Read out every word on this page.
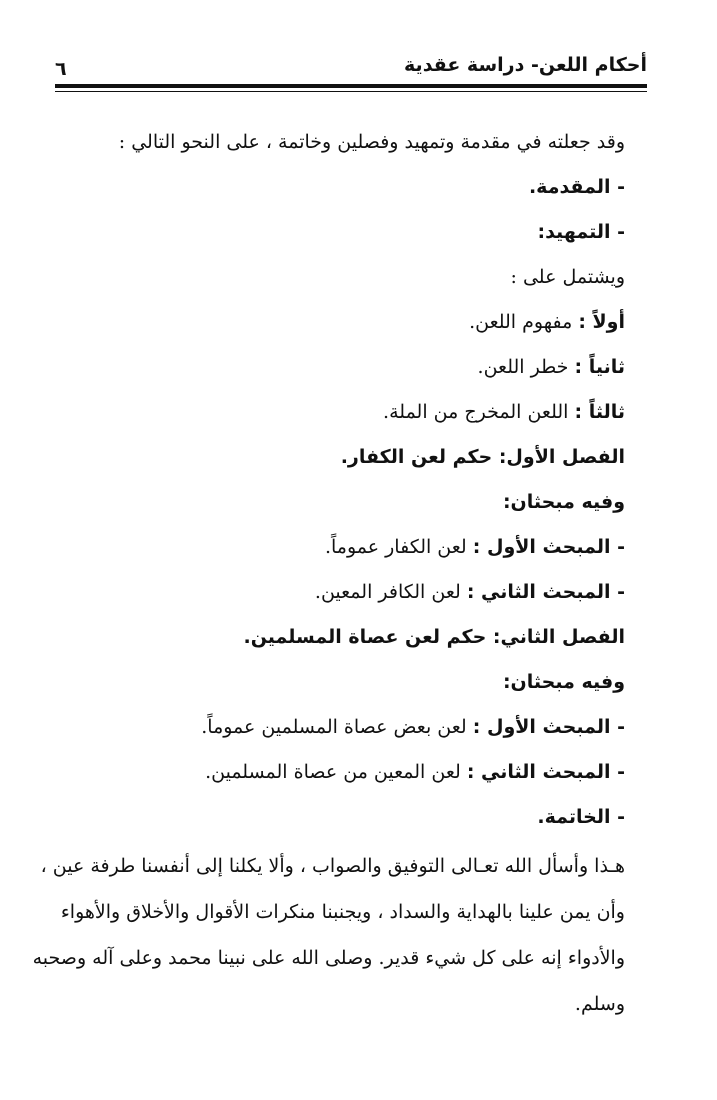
أحكام اللعن- دراسة عقدية
٦
وقد جعلته في مقدمة وتمهيد وفصلين وخاتمة ، على النحو التالي :
- المقدمة.
- التمهيد:
ويشتمل على :
أولاً : مفهوم اللعن.
ثانياً : خطر اللعن.
ثالثاً : اللعن المخرج من الملة.
الفصل الأول: حكم لعن الكفار.
وفيه مبحثان:
- المبحث الأول : لعن الكفار عموماً.
- المبحث الثاني : لعن الكافر المعين.
الفصل الثاني: حكم لعن عصاة المسلمين.
وفيه مبحثان:
- المبحث الأول : لعن بعض عصاة المسلمين عموماً.
- المبحث الثاني : لعن المعين من عصاة المسلمين.
- الخاتمة.
هـذا وأسأل الله تعـالى التوفيق والصواب ، وألا يكلنا إلى أنفسنا طرفة عين ،
وأن يمن علينا بالهداية والسداد ، ويجنبنا منكرات الأقوال والأخلاق والأهواء
والأدواء إنه على كل شيء قدير. وصلى الله على نبينا محمد وعلى آله وصحبه
وسلم.
